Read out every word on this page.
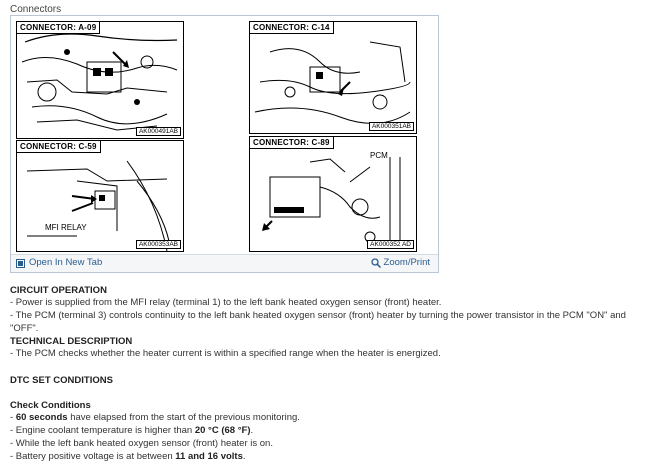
Connectors
CONNECTOR: A-09
AK000491AB
CONNECTOR: C-14
AK000351AB
CONNECTOR: C-59
MFI RELAY
AK000353AB
CONNECTOR: C-89
PCM
AK000352 AD
Open In New Tab	Zoom/Print
CIRCUIT OPERATION
- Power is supplied from the MFI relay (terminal 1) to the left bank heated oxygen sensor (front) heater.
- The PCM (terminal 3) controls continuity to the left bank heated oxygen sensor (front) heater by turning the power transistor in the PCM "ON" and "OFF".
TECHNICAL DESCRIPTION
- The PCM checks whether the heater current is within a specified range when the heater is energized.
DTC SET CONDITIONS
Check Conditions
- 60 seconds have elapsed from the start of the previous monitoring.
- Engine coolant temperature is higher than 20 °C (68 °F).
- While the left bank heated oxygen sensor (front) heater is on.
- Battery positive voltage is at between 11 and 16 volts.
